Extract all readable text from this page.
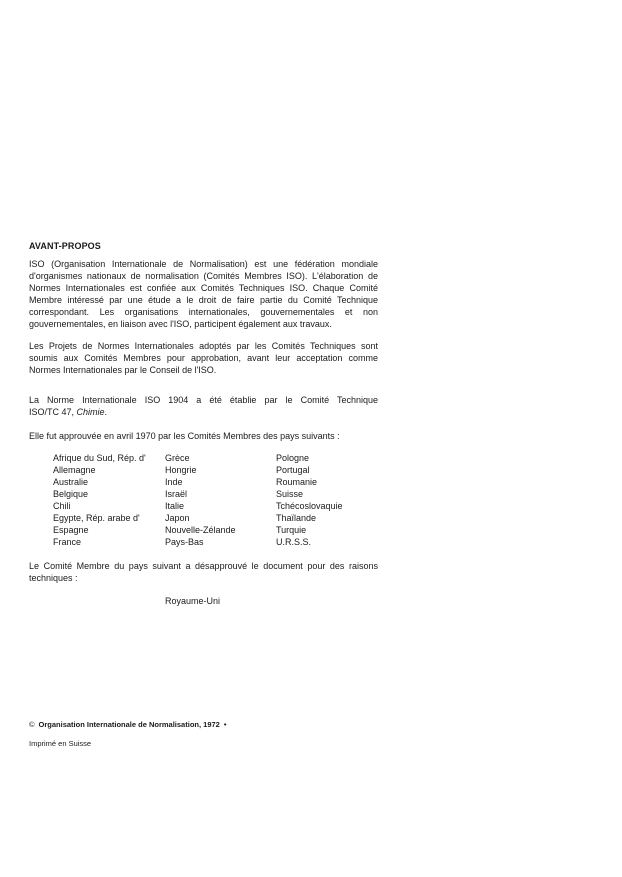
AVANT-PROPOS
ISO (Organisation Internationale de Normalisation) est une fédération mondiale
d'organismes nationaux de normalisation (Comités Membres ISO). L'élaboration de
Normes Internationales est confiée aux Comités Techniques ISO. Chaque Comité
Membre intéressé par une étude a le droit de faire partie du Comité Technique
correspondant. Les organisations internationales, gouvernementales et non
gouvernementales, en liaison avec l'ISO, participent également aux travaux.
Les Projets de Normes Internationales adoptés par les Comités Techniques sont
soumis aux Comités Membres pour approbation, avant leur acceptation comme
Normes Internationales par le Conseil de l'ISO.
La Norme Internationale ISO 1904 a été établie par le Comité Technique
ISO/TC 47, Chimie.
Elle fut approuvée en avril 1970 par les Comités Membres des pays suivants :
Afrique du Sud, Rép. d'
Allemagne
Australie
Belgique
Chili
Egypte, Rép. arabe d'
Espagne
France
Grèce
Hongrie
Inde
Israël
Italie
Japon
Nouvelle-Zélande
Pays-Bas
Pologne
Portugal
Roumanie
Suisse
Tchécoslovaquie
Thaïlande
Turquie
U.R.S.S.
Le Comité Membre du pays suivant a désapprouvé le document pour des raisons
techniques :
Royaume-Uni
© Organisation Internationale de Normalisation, 1972 •
Imprimé en Suisse
